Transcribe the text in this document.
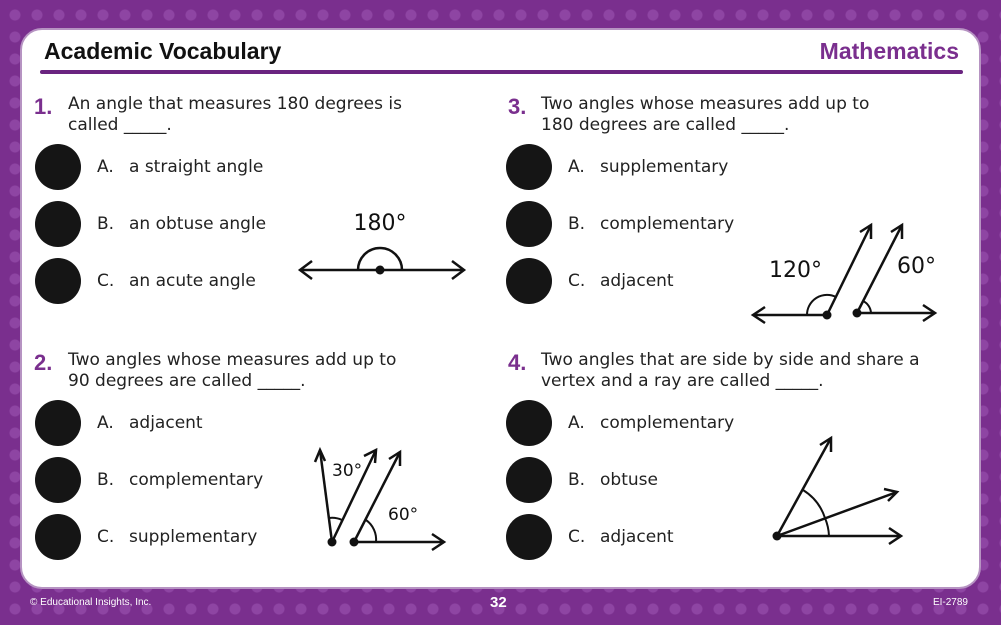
Academic Vocabulary	Mathematics
1. An angle that measures 180 degrees is
called _____.
A. a straight angle
B. an obtuse angle
C. an acute angle
180°
2. Two angles whose measures add up to
90 degrees are called _____.
A. adjacent
B. complementary
C. supplementary
30°
60°
3. Two angles whose measures add up to
180 degrees are called _____.
A. supplementary
B. complementary
C. adjacent	120°	60°
4. Two angles that are side by side and share a
vertex and a ray are called _____.
A. complementary
B. obtuse
C. adjacent
© Educational Insights, Inc.	32	EI-2789
